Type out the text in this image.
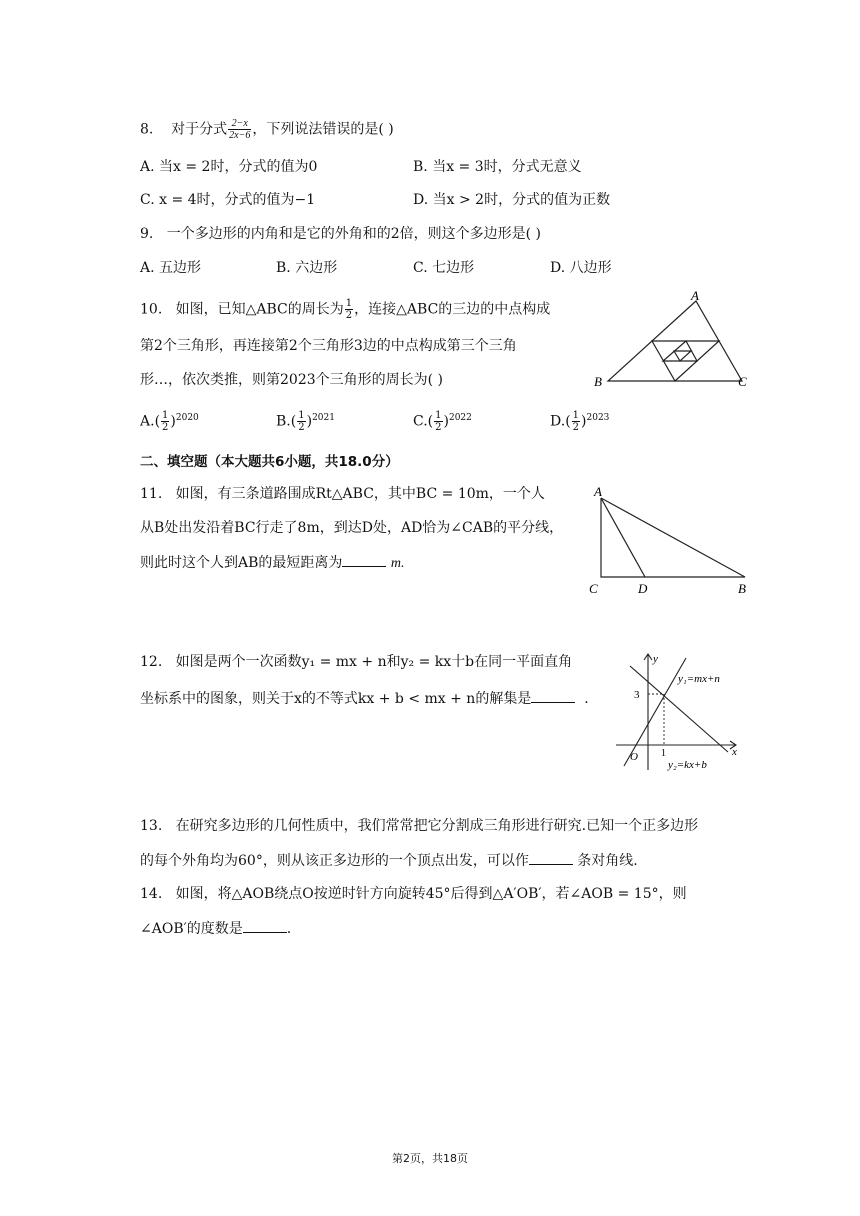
8. 对于分式 $\frac{2-x}{2x-6}$ ，下列说法错误的是( )
A. 当x = 2时，分式的值为0	B. 当x = 3时，分式无意义
C. x = 4时，分式的值为−1	D. 当x > 2时，分式的值为正数
9. 一个多边形的内角和是它的外角和的2倍，则这个多边形是( )
A. 五边形	B. 六边形	C. 七边形	D. 八边形
10. 如图，已知△ABC的周长为 $\frac{1}{2}$ ，连接△ABC的三边的中点构成
第2个三角形，再连接第2个三角形3边的中点构成第三个三角
形…，依次类推，则第2023个三角形的周长为( )
$A.( \frac{1}{2} )^{2020}$	$B.( \frac{1}{2} )^{2021}$	$C.( \frac{1}{2} )^{2022}$	$D.( \frac{1}{2} )^{2023}$
A
B	C
二、填空题（本大题共6小题，共18.0分）
11. 如图，有三条道路围成Rt△ABC，其中BC = 10m，一个人
从B处出发沿着BC行走了8m，到达D处，AD恰为∠CAB的平分线，
则此时这个人到AB的最短距离为	m.
A
C	D	B
12. 如图是两个一次函数y₁ = mx + n和y₂ = kx十b在同一平面直角
坐标系中的图象，则关于x的不等式kx + b < mx + n的解集是	.
y
x
O
3
1
y₁=mx+n
y₂=kx+b
13. 在研究多边形的几何性质中，我们常常把它分割成三角形进行研究.已知一个正多边形
的每个外角均为60°，则从该正多边形的一个顶点出发，可以作	条对角线.
14. 如图，将△AOB绕点O按逆时针方向旋转45°后得到△A′OB′，若∠AOB = 15°，则
∠AOB′的度数是	.
第2页，共18页
